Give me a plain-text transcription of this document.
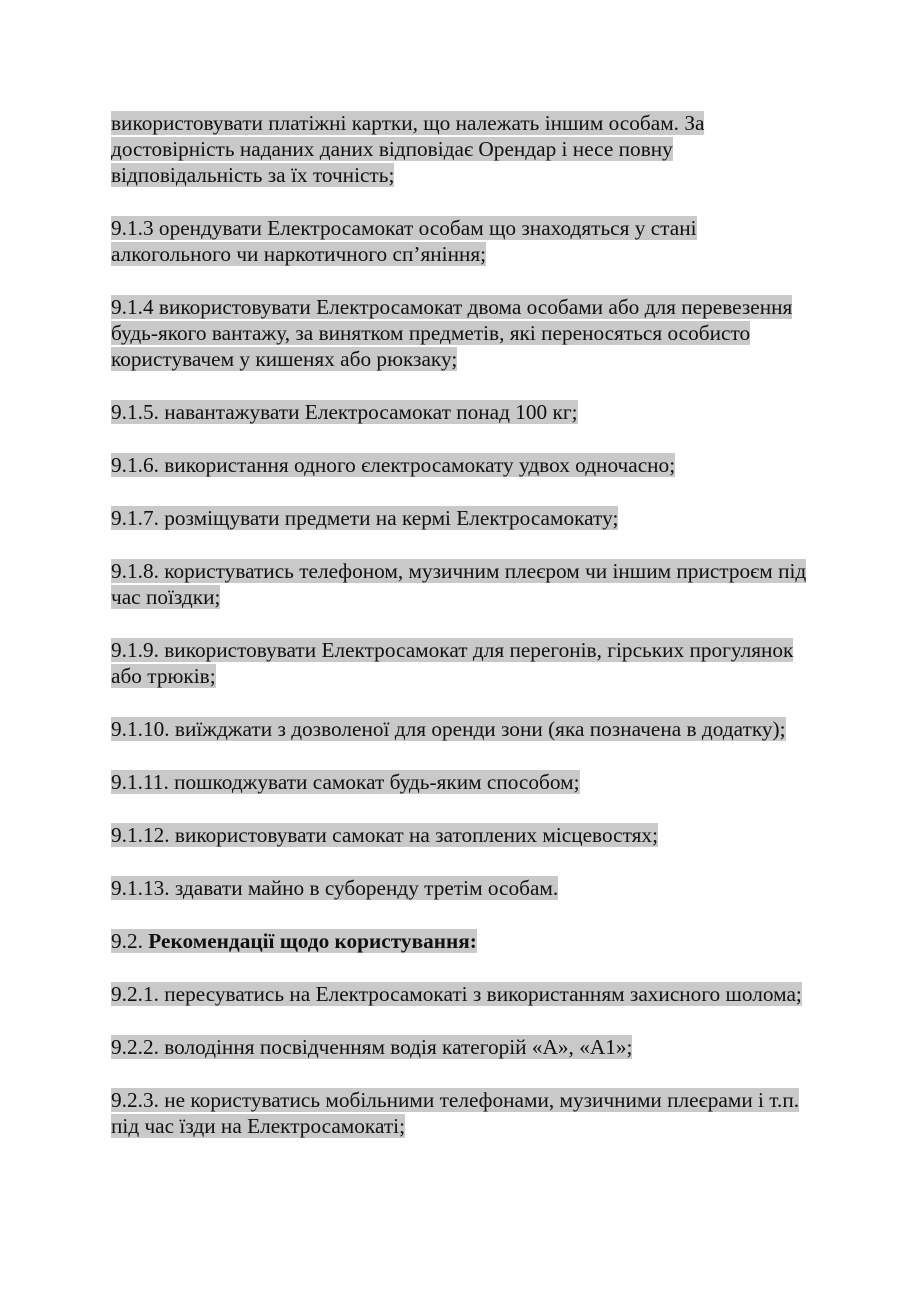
використовувати платіжні картки, що належать іншим особам. За достовірність наданих даних відповідає Орендар і несе повну відповідальність за їх точність;

9.1.3 орендувати Електросамокат особам що знаходяться у стані алкогольного чи наркотичного сп’яніння;

9.1.4 використовувати Електросамокат двома особами або для перевезення будь-якого вантажу, за винятком предметів, які переносяться особисто користувачем у кишенях або рюкзаку;

9.1.5. навантажувати Електросамокат понад 100 кг;

9.1.6. використання одного єлектросамокату удвох одночасно;

9.1.7. розміщувати предмети на кермі Електросамокату;

9.1.8. користуватись телефоном, музичним плеєром чи іншим пристроєм під час поїздки;

9.1.9. використовувати Електросамокат для перегонів, гірських прогулянок або трюків;

9.1.10. виїжджати з дозволеної для оренди зони (яка позначена в додатку);

9.1.11. пошкоджувати самокат будь-яким способом;

9.1.12. використовувати самокат на затоплених місцевостях;

9.1.13. здавати майно в суборенду третім особам.

9.2. Рекомендації щодо користування:

9.2.1. пересуватись на Електросамокаті з використанням захисного шолома;

9.2.2. володіння посвідченням водія категорій «А», «А1»;

9.2.3. не користуватись мобільними телефонами, музичними плеєрами і т.п. під час їзди на Електросамокаті;
